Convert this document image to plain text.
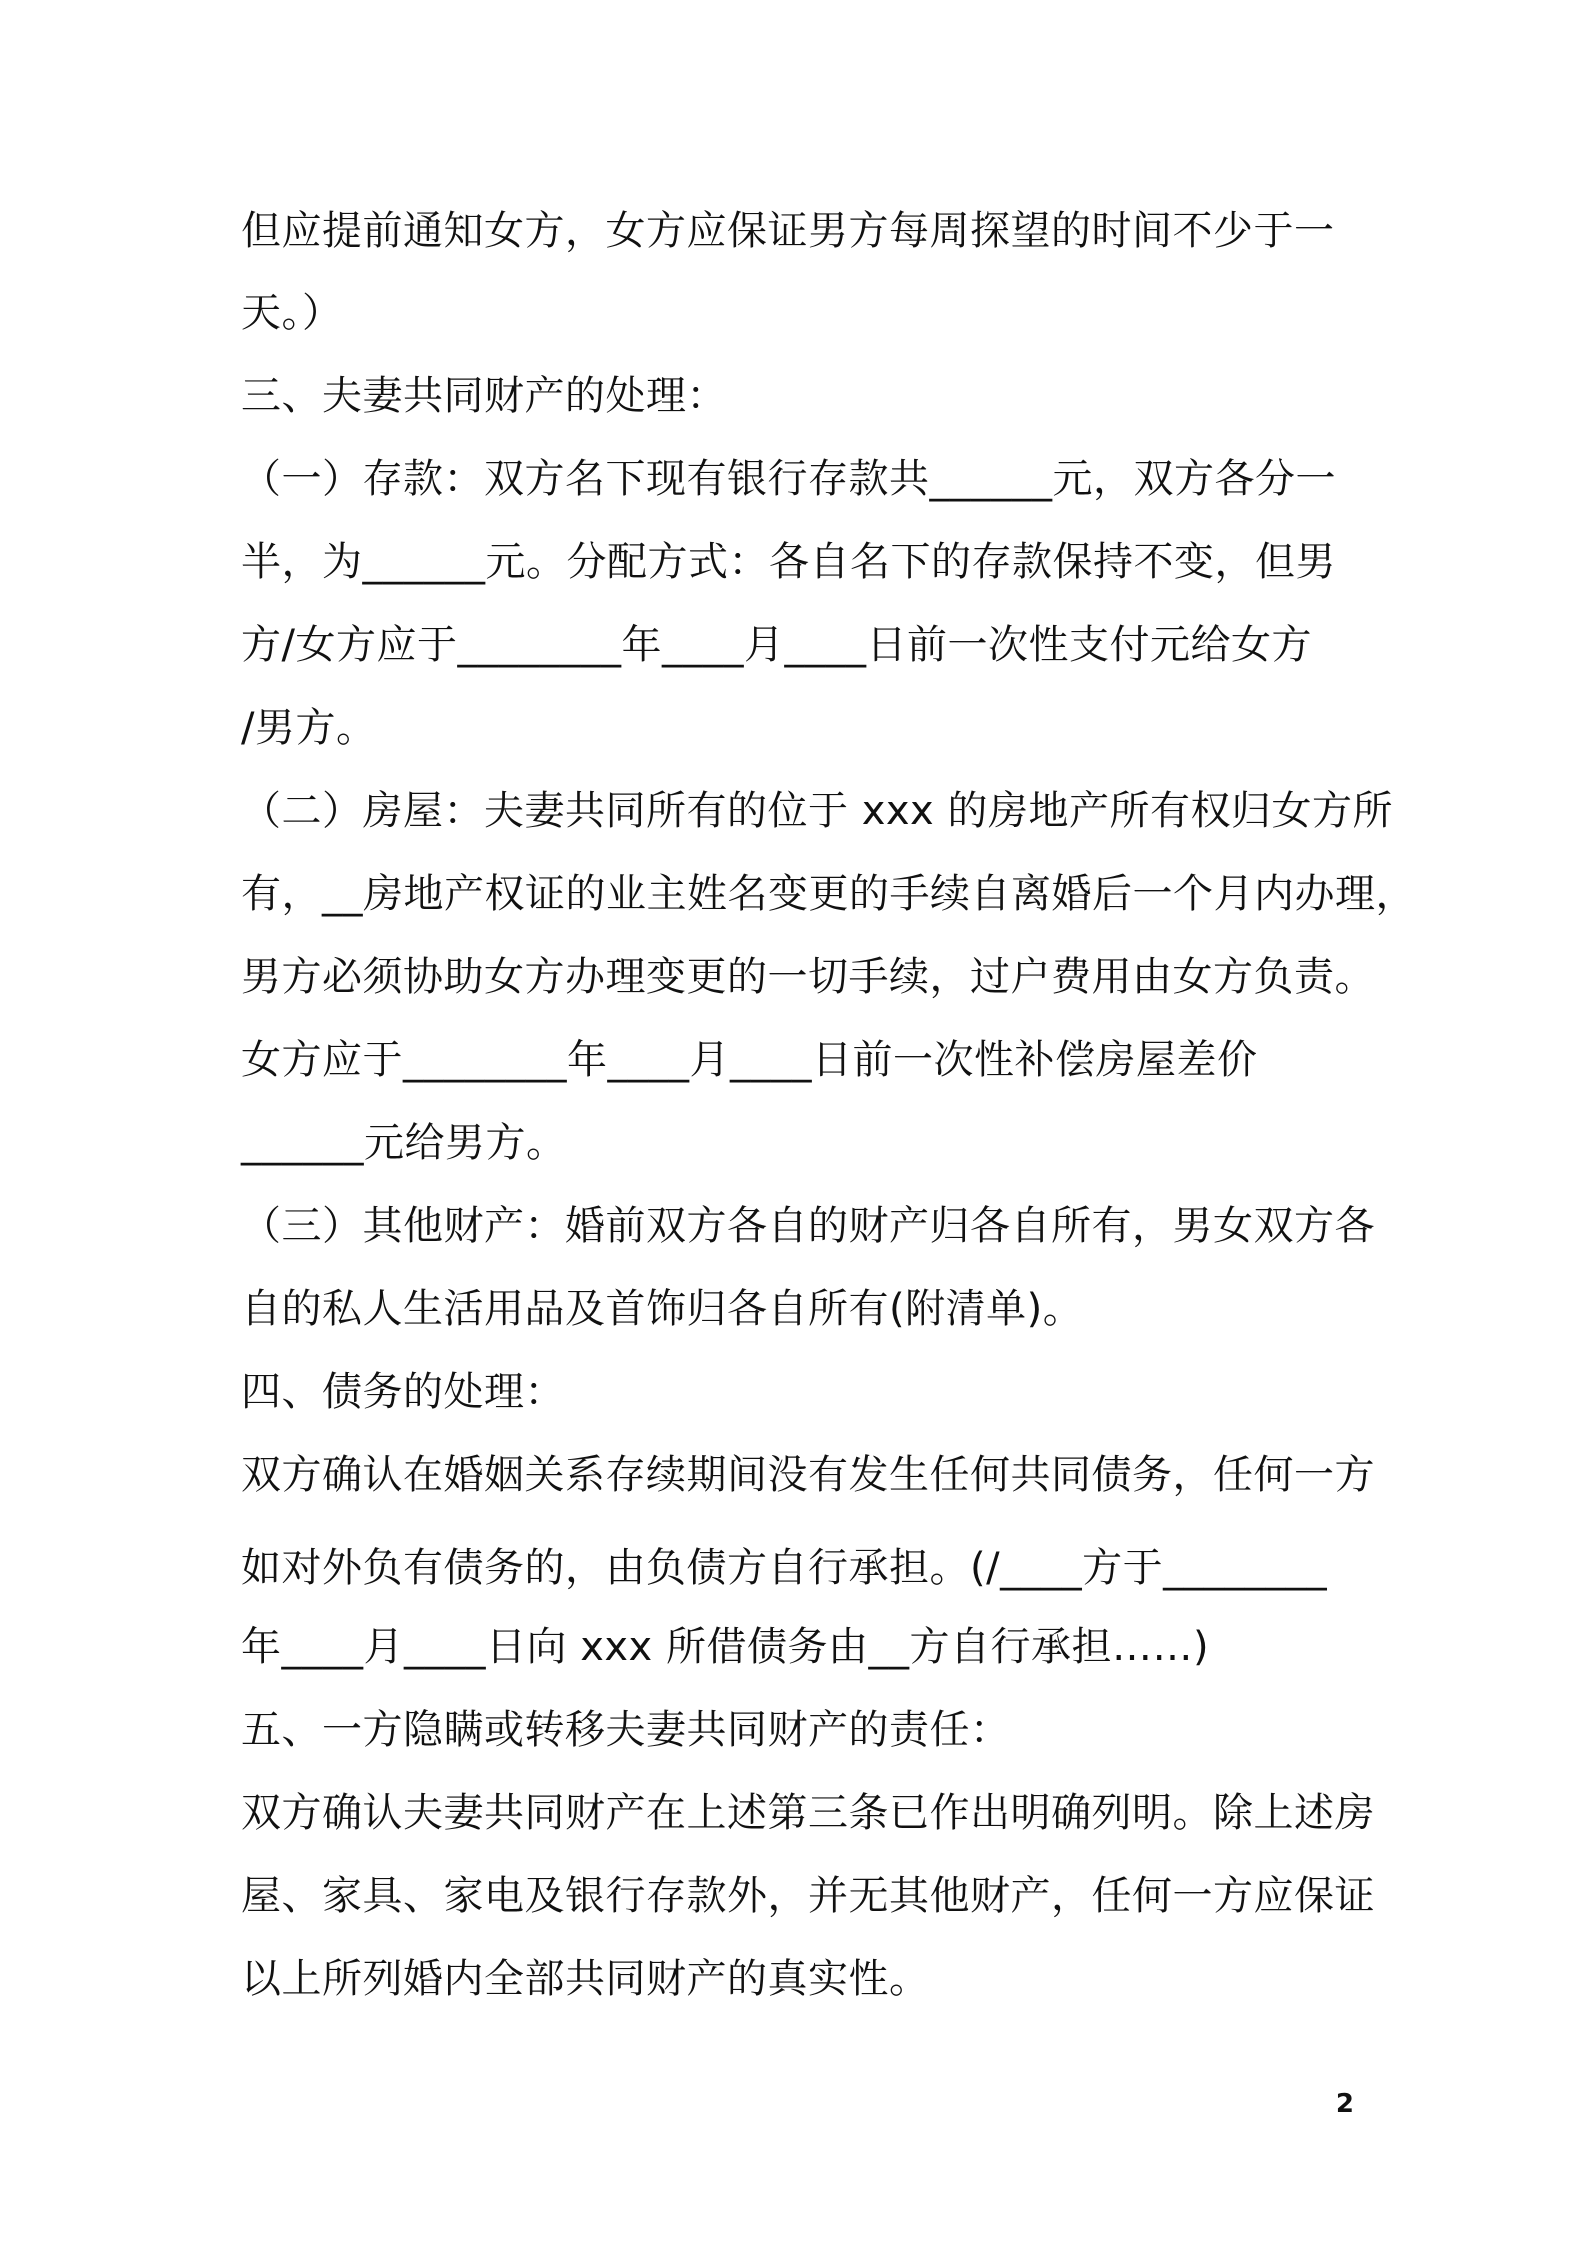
但应提前通知女方，女方应保证男方每周探望的时间不少于一
天。）
三、夫妻共同财产的处理：
（一）存款：双方名下现有银行存款共______元，双方各分一
半，为______元。分配方式：各自名下的存款保持不变，但男
方/女方应于________年____月____日前一次性支付元给女方
/男方。
（二）房屋：夫妻共同所有的位于 xxx 的房地产所有权归女方所
有，__房地产权证的业主姓名变更的手续自离婚后一个月内办理，
男方必须协助女方办理变更的一切手续，过户费用由女方负责。
女方应于________年____月____日前一次性补偿房屋差价
______元给男方。
（三）其他财产：婚前双方各自的财产归各自所有，男女双方各
自的私人生活用品及首饰归各自所有(附清单)。
四、债务的处理：
双方确认在婚姻关系存续期间没有发生任何共同债务，任何一方
如对外负有债务的，由负债方自行承担。(/____方于________
年____月____日向 xxx 所借债务由__方自行承担……)
五、一方隐瞒或转移夫妻共同财产的责任：
双方确认夫妻共同财产在上述第三条已作出明确列明。除上述房
屋、家具、家电及银行存款外，并无其他财产，任何一方应保证
以上所列婚内全部共同财产的真实性。
2
